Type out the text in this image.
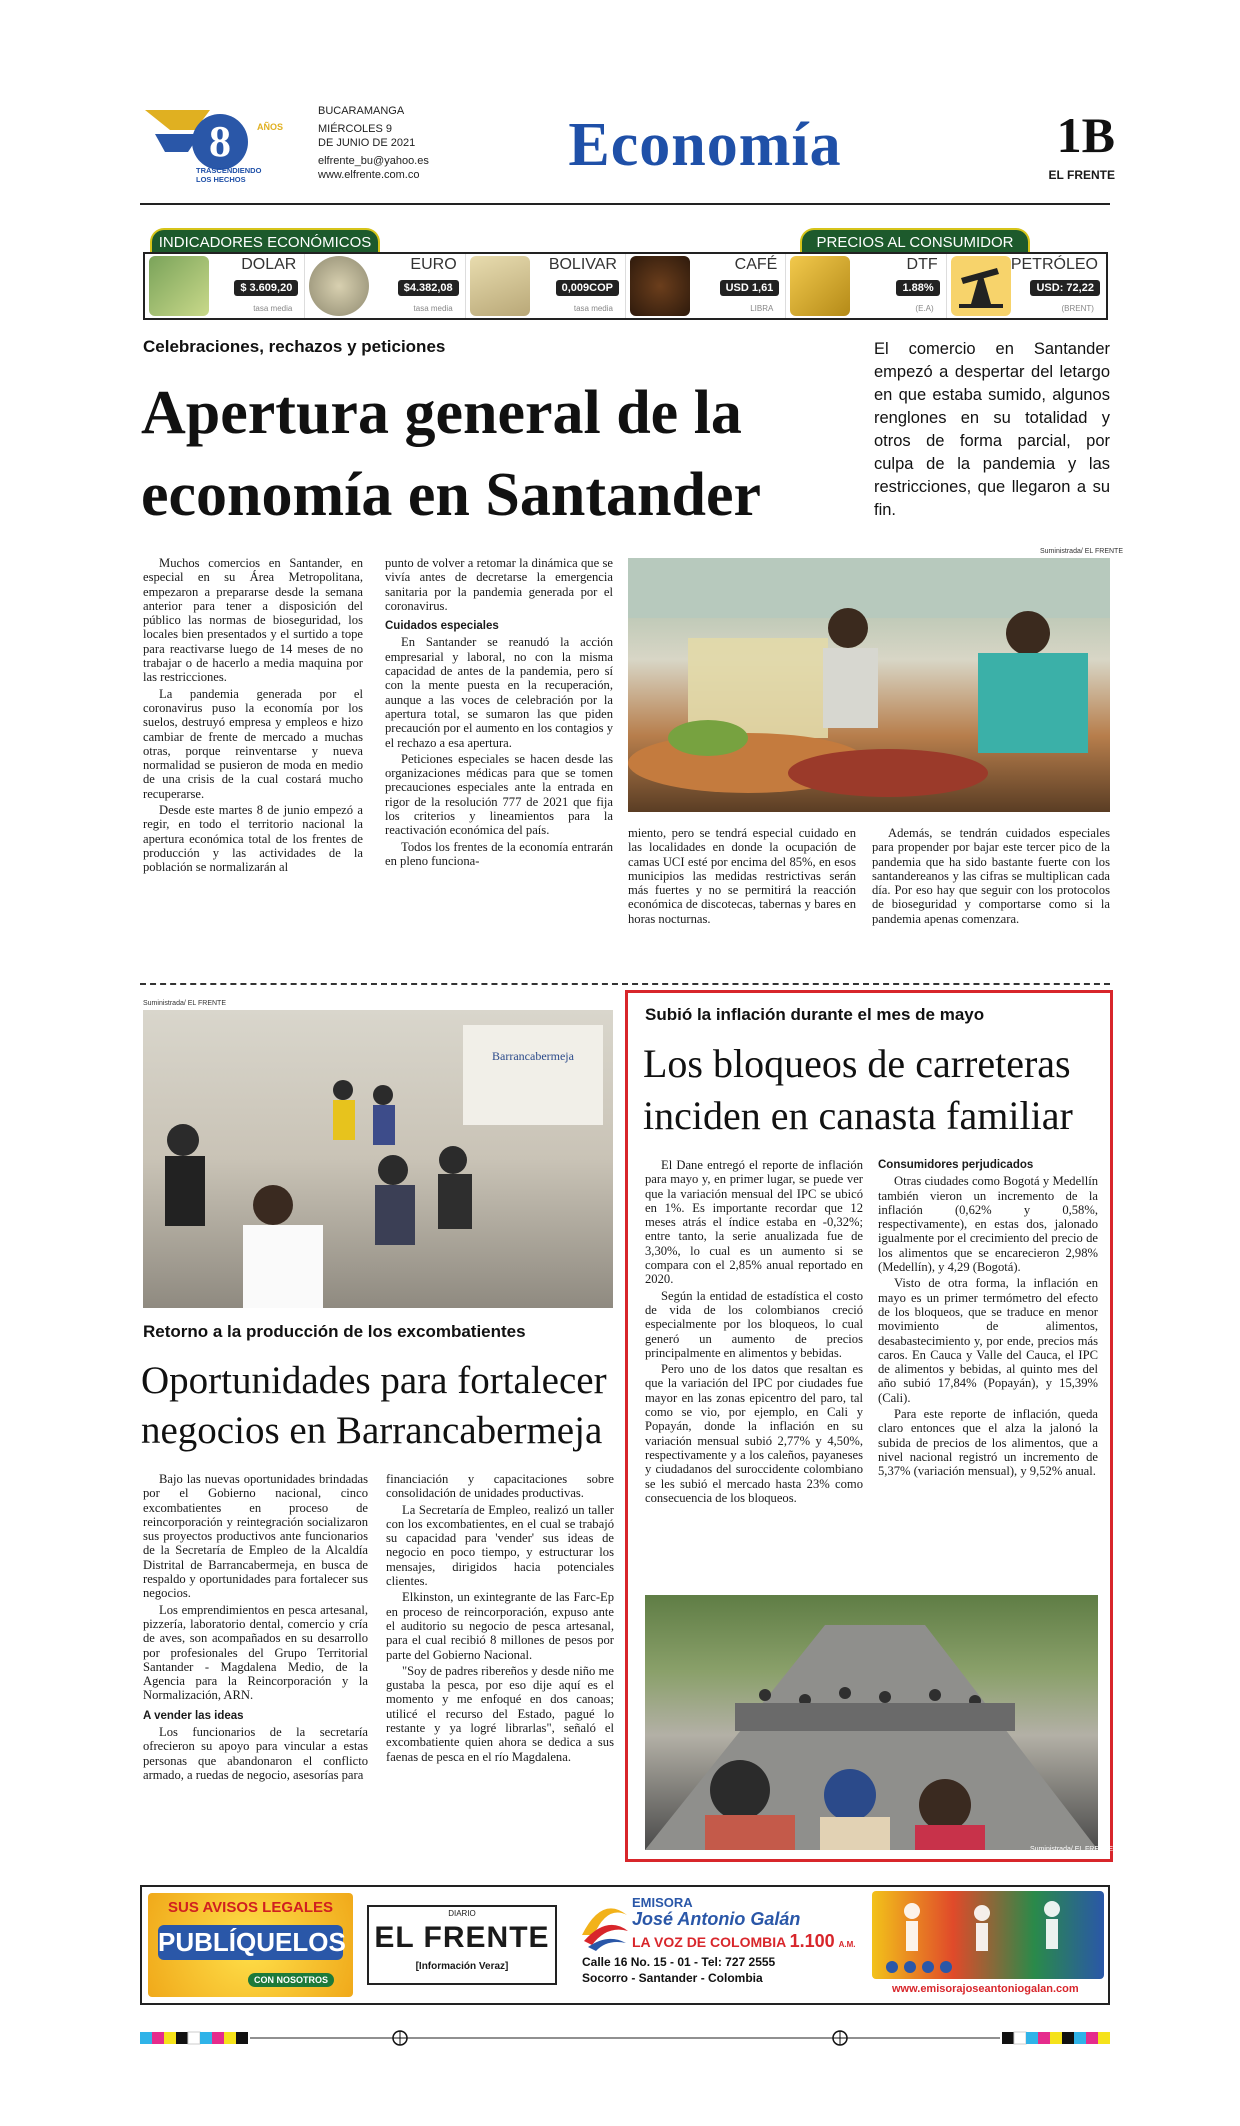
8	AÑOS
TRASCENDIENDO
LOS HECHOS
BUCARAMANGA
MIÉRCOLES 9
DE JUNIO DE 2021
elfrente_bu@yahoo.es
www.elfrente.com.co	Economía	1B
EL FRENTE
INDICADORES ECONÓMICOS	PRECIOS AL CONSUMIDOR
DOLAR
$ 3.609,20
tasa media
EURO
$4.382,08
tasa media
BOLIVAR
0,009COP
tasa media
CAFÉ
USD 1,61
LIBRA
DTF
1.88%
(E.A)
PETRÓLEO
USD: 72,22
(BRENT)
Celebraciones, rechazos y peticiones
Apertura general de la
economía en Santander
El comercio en Santander empezó a despertar del letargo en que estaba sumido, algunos renglones en su totalidad y otros de forma parcial, por culpa de la pandemia y las restricciones, que llegaron a su fin.
Suministrada/ EL FRENTE

Muchos comercios en Santander, en especial en su Área Metropolitana, empezaron a prepararse desde la semana anterior para tener a disposición del público las normas de bioseguridad, los locales bien presentados y el surtido a tope para reactivarse luego de 14 meses de no trabajar o de hacerlo a media maquina por las restricciones.

La pandemia generada por el coronavirus puso la economía por los suelos, destruyó empresa y empleos e hizo cambiar de frente de mercado a muchas otras, porque reinventarse y nueva normalidad se pusieron de moda en medio de una crisis de la cual costará mucho recuperarse.

Desde este martes 8 de junio empezó a regir, en todo el territorio nacional la apertura económica total de los frentes de producción y las actividades de la población se normalizarán al

punto de volver a retomar la dinámica que se vivía antes de decretarse la emergencia sanitaria por la pandemia generada por el coronavirus.

Cuidados especiales

En Santander se reanudó la acción empresarial y laboral, no con la misma capacidad de antes de la pandemia, pero sí con la mente puesta en la recuperación, aunque a las voces de celebración por la apertura total, se sumaron las que piden precaución por el aumento en los contagios y el rechazo a esa apertura.

Peticiones especiales se hacen desde las organizaciones médicas para que se tomen precauciones especiales ante la entrada en rigor de la resolución 777 de 2021 que fija los criterios y lineamientos para la reactivación económica del país.

Todos los frentes de la economía entrarán en pleno funciona-

miento, pero se tendrá especial cuidado en las localidades en donde la ocupación de camas UCI esté por encima del 85%, en esos municipios las medidas restrictivas serán más fuertes y no se permitirá la reacción económica de discotecas, tabernas y bares en horas nocturnas.

Además, se tendrán cuidados especiales para propender por bajar este tercer pico de la pandemia que ha sido bastante fuerte con los santandereanos y las cifras se multiplican cada día. Por eso hay que seguir con los protocolos de bioseguridad y comportarse como si la pandemia apenas comenzara.

Suministrada/ EL FRENTE
Barrancabermeja
Retorno a la producción de los excombatientes
Oportunidades para fortalecer
negocios en Barrancabermeja

Bajo las nuevas oportunidades brindadas por el Gobierno nacional, cinco excombatientes en proceso de reincorporación y reintegración socializaron sus proyectos productivos ante funcionarios de la Secretaría de Empleo de la Alcaldía Distrital de Barrancabermeja, en busca de respaldo y oportunidades para fortalecer sus negocios.

Los emprendimientos en pesca artesanal, pizzería, laboratorio dental, comercio y cría de aves, son acompañados en su desarrollo por profesionales del Grupo Territorial Santander - Magdalena Medio, de la Agencia para la Reincorporación y la Normalización, ARN.

A vender las ideas

Los funcionarios de la secretaría ofrecieron su apoyo para vincular a estas personas que abandonaron el conflicto armado, a ruedas de negocio, asesorías para

financiación y capacitaciones sobre consolidación de unidades productivas.

La Secretaría de Empleo, realizó un taller con los excombatientes, en el cual se trabajó su capacidad para 'vender' sus ideas de negocio en poco tiempo, y estructurar los mensajes, dirigidos hacia potenciales clientes.

Elkinston, un exintegrante de las Farc-Ep en proceso de reincorporación, expuso ante el auditorio su negocio de pesca artesanal, para el cual recibió 8 millones de pesos por parte del Gobierno Nacional.

"Soy de padres ribereños y desde niño me gustaba la pesca, por eso dije aquí es el momento y me enfoqué en dos canoas; utilicé el recurso del Estado, pagué lo restante y ya logré librarlas", señaló el excombatiente quien ahora se dedica a sus faenas de pesca en el río Magdalena.

Subió la inflación durante el mes de mayo
Los bloqueos de carreteras
inciden en canasta familiar

El Dane entregó el reporte de inflación para mayo y, en primer lugar, se puede ver que la variación mensual del IPC se ubicó en 1%. Es importante recordar que 12 meses atrás el índice estaba en -0,32%; entre tanto, la serie anualizada fue de 3,30%, lo cual es un aumento si se compara con el 2,85% anual reportado en 2020.

Según la entidad de estadística el costo de vida de los colombianos creció especialmente por los bloqueos, lo cual generó un aumento de precios principalmente en alimentos y bebidas.

Pero uno de los datos que resaltan es que la variación del IPC por ciudades fue mayor en las zonas epicentro del paro, tal como se vio, por ejemplo, en Cali y Popayán, donde la inflación en su variación mensual subió 2,77% y 4,50%, respectivamente y a los caleños, payaneses y ciudadanos del suroccidente colombiano se les subió el mercado hasta 23% como consecuencia de los bloqueos.

Consumidores perjudicados

Otras ciudades como Bogotá y Medellín también vieron un incremento de la inflación (0,62% y 0,58%, respectivamente), en estas dos, jalonado igualmente por el crecimiento del precio de los alimentos que se encarecieron 2,98% (Medellín), y 4,29 (Bogotá).

Visto de otra forma, la inflación en mayo es un primer termómetro del efecto de los bloqueos, que se traduce en menor movimiento de alimentos, desabastecimiento y, por ende, precios más caros. En Cauca y Valle del Cauca, el IPC de alimentos y bebidas, al quinto mes del año subió 17,84% (Popayán), y 15,39% (Cali).

Para este reporte de inflación, queda claro entonces que el alza la jalonó la subida de precios de los alimentos, que a nivel nacional registró un incremento de 5,37% (variación mensual), y 9,52% anual.

Suministrada/ EL FRENTE
SUS AVISOS LEGALES
PUBLÍQUELOS
CON NOSOTROS
DIARIO
EL FRENTE
[Información Veraz]
EMISORA
José Antonio Galán
LA VOZ DE COLOMBIA 1.100 A.M.
Calle 16 No. 15 - 01 - Tel: 727 2555
Socorro - Santander - Colombia
www.emisorajoseantoniogalan.com
